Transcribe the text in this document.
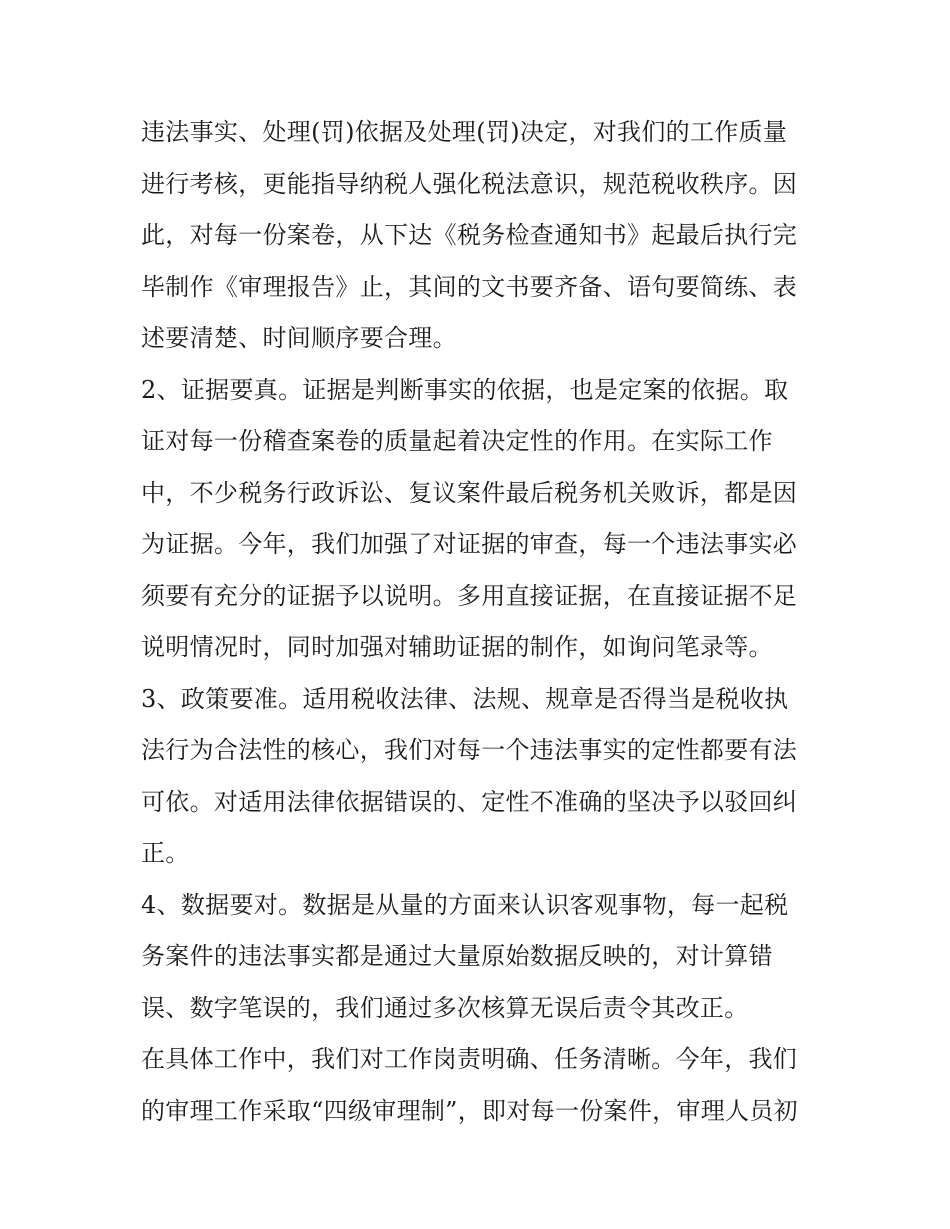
违法事实、处理(罚)依据及处理(罚)决定，对我们的工作质量
进行考核，更能指导纳税人强化税法意识，规范税收秩序。因
此，对每一份案卷，从下达《税务检查通知书》起最后执行完
毕制作《审理报告》止，其间的文书要齐备、语句要简练、表
述要清楚、时间顺序要合理。
2、证据要真。证据是判断事实的依据，也是定案的依据。取
证对每一份稽查案卷的质量起着决定性的作用。在实际工作
中，不少税务行政诉讼、复议案件最后税务机关败诉，都是因
为证据。今年，我们加强了对证据的审查，每一个违法事实必
须要有充分的证据予以说明。多用直接证据，在直接证据不足
说明情况时，同时加强对辅助证据的制作，如询问笔录等。
3、政策要准。适用税收法律、法规、规章是否得当是税收执
法行为合法性的核心，我们对每一个违法事实的定性都要有法
可依。对适用法律依据错误的、定性不准确的坚决予以驳回纠
正。
4、数据要对。数据是从量的方面来认识客观事物，每一起税
务案件的违法事实都是通过大量原始数据反映的，对计算错
误、数字笔误的，我们通过多次核算无误后责令其改正。
在具体工作中，我们对工作岗责明确、任务清晰。今年，我们
的审理工作采取“四级审理制”，即对每一份案件，审理人员初
